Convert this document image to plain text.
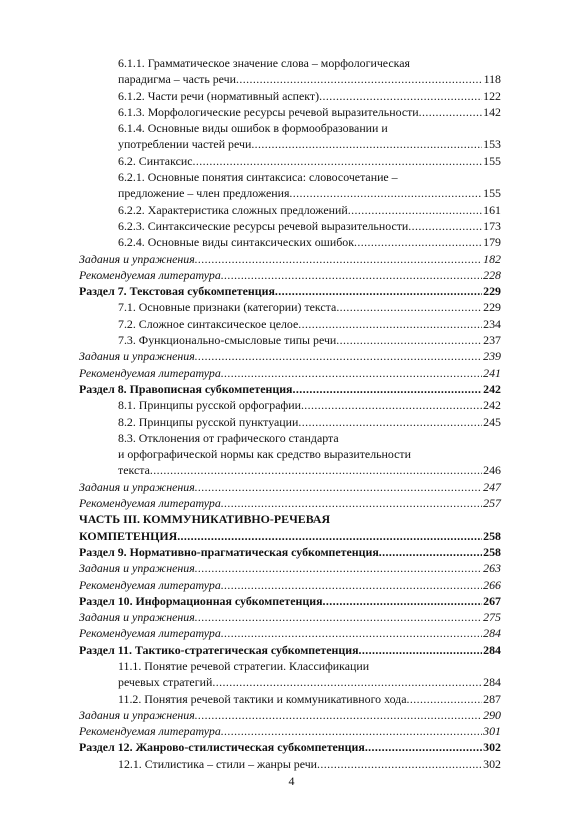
6.1.1. Грамматическое значение слова – морфологическая
парадигма – часть речи .....	118
6.1.2. Части речи (нормативный аспект) .....	122
6.1.3. Морфологические ресурсы речевой выразительности .....	142
6.1.4. Основные виды ошибок в формообразовании и
употреблении частей речи .....	153
6.2. Синтаксис .....	155
6.2.1. Основные понятия синтаксиса: словосочетание –
предложение – член предложения .....	155
6.2.2. Характеристика сложных предложений .....	161
6.2.3. Синтаксические ресурсы речевой выразительности .....	173
6.2.4. Основные виды синтаксических ошибок .....	179
Задания и упражнения .....	182
Рекомендуемая литература .....	228
Раздел 7. Текстовая субкомпетенция .....	229
7.1. Основные признаки (категории) текста .....	229
7.2. Сложное синтаксическое целое .....	234
7.3. Функционально-смысловые типы речи .....	237
Задания и упражнения .....	239
Рекомендуемая литература .....	241
Раздел 8. Правописная субкомпетенция .....	242
8.1. Принципы русской орфографии .....	242
8.2. Принципы русской пунктуации .....	245
8.3. Отклонения от графического стандарта
и орфографической нормы как средство выразительности
текста .....	246
Задания и упражнения .....	247
Рекомендуемая литература .....	257
ЧАСТЬ III. КОММУНИКАТИВНО-РЕЧЕВАЯ
КОМПЕТЕНЦИЯ .....	258
Раздел 9. Нормативно-прагматическая субкомпетенция .....	258
Задания и упражнения .....	263
Рекомендуемая литература .....	266
Раздел 10. Информационная субкомпетенция .....	267
Задания и упражнения .....	275
Рекомендуемая литература .....	284
Раздел 11. Тактико-стратегическая субкомпетенция .....	284
11.1. Понятие речевой стратегии. Классификации
речевых стратегий .....	284
11.2. Понятия речевой тактики и коммуникативного хода .....	287
Задания и упражнения .....	290
Рекомендуемая литература .....	301
Раздел 12. Жанрово-стилистическая субкомпетенция .....	302
12.1. Стилистика – стили – жанры речи .....	302
4
